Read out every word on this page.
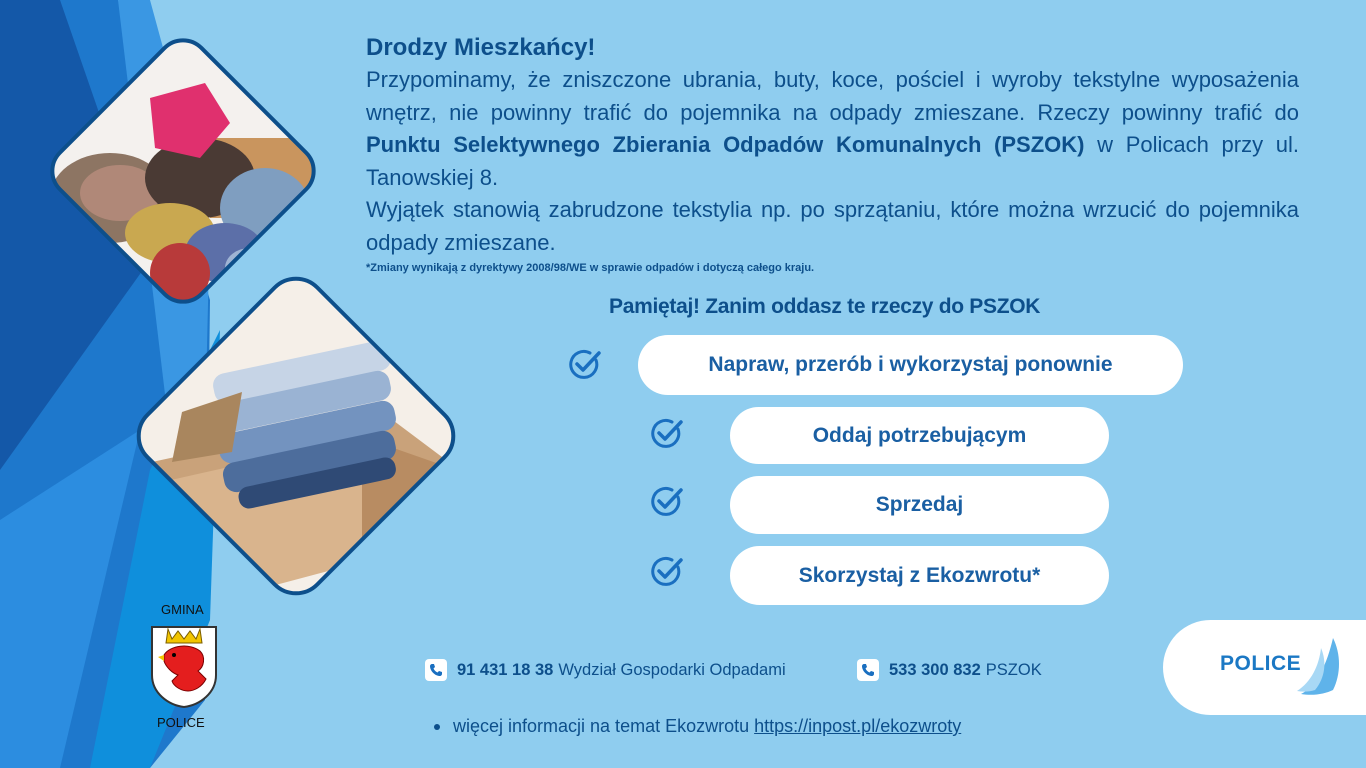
Drodzy Mieszkańcy!

Przypominamy, że zniszczone ubrania, buty, koce, pościel i wyroby tekstylne wyposażenia wnętrz, nie powinny trafić do pojemnika na odpady zmieszane. Rzeczy powinny trafić do Punktu Selektywnego Zbierania Odpadów Komunalnych (PSZOK) w Policach przy ul. Tanowskiej 8.

Wyjątek stanowią zabrudzone tekstylia np. po sprzątaniu, które można wrzucić do pojemnika odpady zmieszane.

*Zmiany wynikają z dyrektywy 2008/98/WE w sprawie odpadów i dotyczą całego kraju.
Pamiętaj! Zanim oddasz te rzeczy do PSZOK
Napraw, przerób i wykorzystaj ponownie
Oddaj potrzebującym
Sprzedaj
Skorzystaj z Ekozwrotu*
GMINA
POLICE
91 431 18 38 Wydział Gospodarki Odpadami	533 300 832 PSZOK
więcej informacji na temat Ekozwrotu https://inpost.pl/ekozwroty
POLICE
